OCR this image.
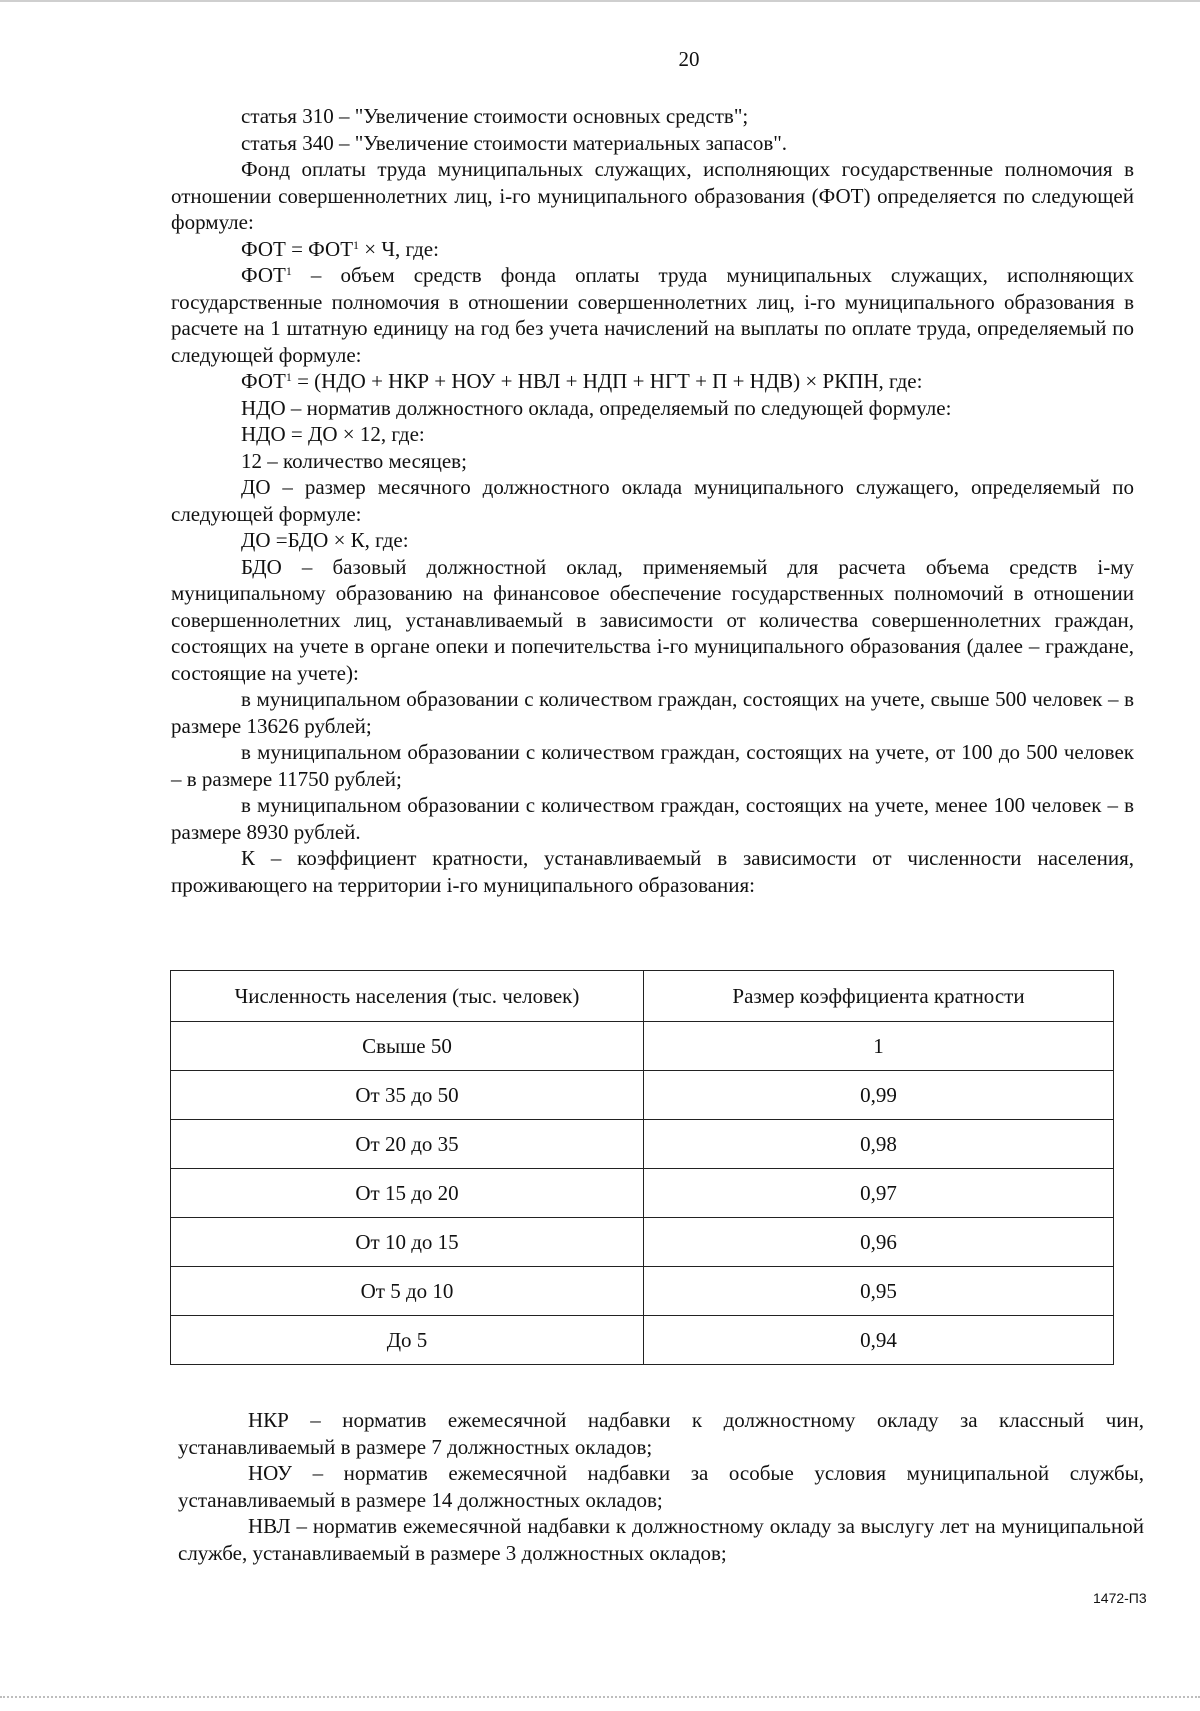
20

статья 310 – "Увеличение стоимости основных средств";

статья 340 – "Увеличение стоимости материальных запасов".

Фонд оплаты труда муниципальных служащих, исполняющих государственные полномочия в отношении совершеннолетних лиц, i-го муниципального образования (ФОТ) определяется по следующей формуле:

ФОТ = $ФОТ^1 \times Ч$, где:

ФОТ$^1$ – объем средств фонда оплаты труда муниципальных служащих, исполняющих государственные полномочия в отношении совершеннолетних лиц, i-го муниципального образования в расчете на 1 штатную единицу на год без учета начислений на выплаты по оплате труда, определяемый по следующей формуле:

$ФОТ^1 = (НДО$ + НКР + НОУ + НВЛ + НДП + НГТ + П + НДВ) × РКПН, где:

НДО – норматив должностного оклада, определяемый по следующей формуле:

НДО = ДО × 12, где:

12 – количество месяцев;

ДО – размер месячного должностного оклада муниципального служащего, определяемый по следующей формуле:

ДО =БДО × К, где:

БДО – базовый должностной оклад, применяемый для расчета объема средств i-му муниципальному образованию на финансовое обеспечение государственных полномочий в отношении совершеннолетних лиц, устанавливаемый в зависимости от количества совершеннолетних граждан, состоящих на учете в органе опеки и попечительства i-го муниципального образования (далее – граждане, состоящие на учете):

в муниципальном образовании с количеством граждан, состоящих на учете, свыше 500 человек – в размере 13626 рублей;

в муниципальном образовании с количеством граждан, состоящих на учете, от 100 до 500 человек – в размере 11750 рублей;

в муниципальном образовании с количеством граждан, состоящих на учете, менее 100 человек – в размере 8930 рублей.

К – коэффициент кратности, устанавливаемый в зависимости от численности населения, проживающего на территории i-го муниципального образования:

Численность населения (тыс. человек)	Размер коэффициента кратности
Свыше 50	1
От 35 до 50	0,99
От 20 до 35	0,98
От 15 до 20	0,97
От 10 до 15	0,96
От 5 до 10	0,95
До 5	0,94

НКР – норматив ежемесячной надбавки к должностному окладу за классный чин, устанавливаемый в размере 7 должностных окладов;

НОУ – норматив ежемесячной надбавки за особые условия муниципальной службы, устанавливаемый в размере 14 должностных окладов;

НВЛ – норматив ежемесячной надбавки к должностному окладу за выслугу лет на муниципальной службе, устанавливаемый в размере 3 должностных окладов;

1472-П3
